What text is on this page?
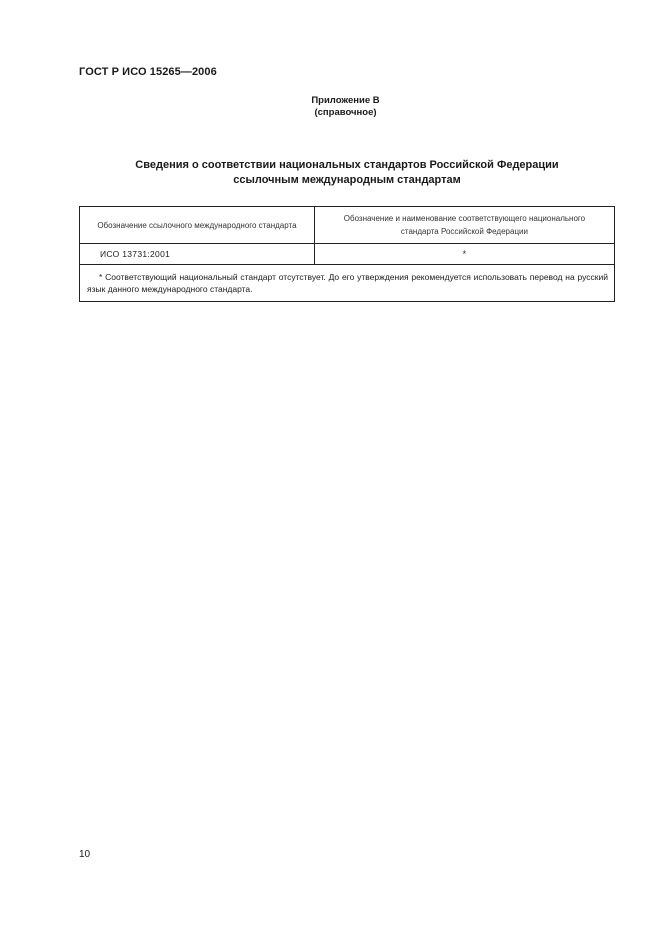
ГОСТ Р ИСО 15265—2006
Приложение В
(справочное)
Сведения о соответствии национальных стандартов Российской Федерации
ссылочным международным стандартам
Обозначение ссылочного международного стандарта	Обозначение и наименование соответствующего национального стандарта Российской Федерации
ИСО 13731:2001	*
* Соответствующий национальный стандарт отсутствует. До его утверждения рекомендуется использовать перевод на русский язык данного международного стандарта.	
10
